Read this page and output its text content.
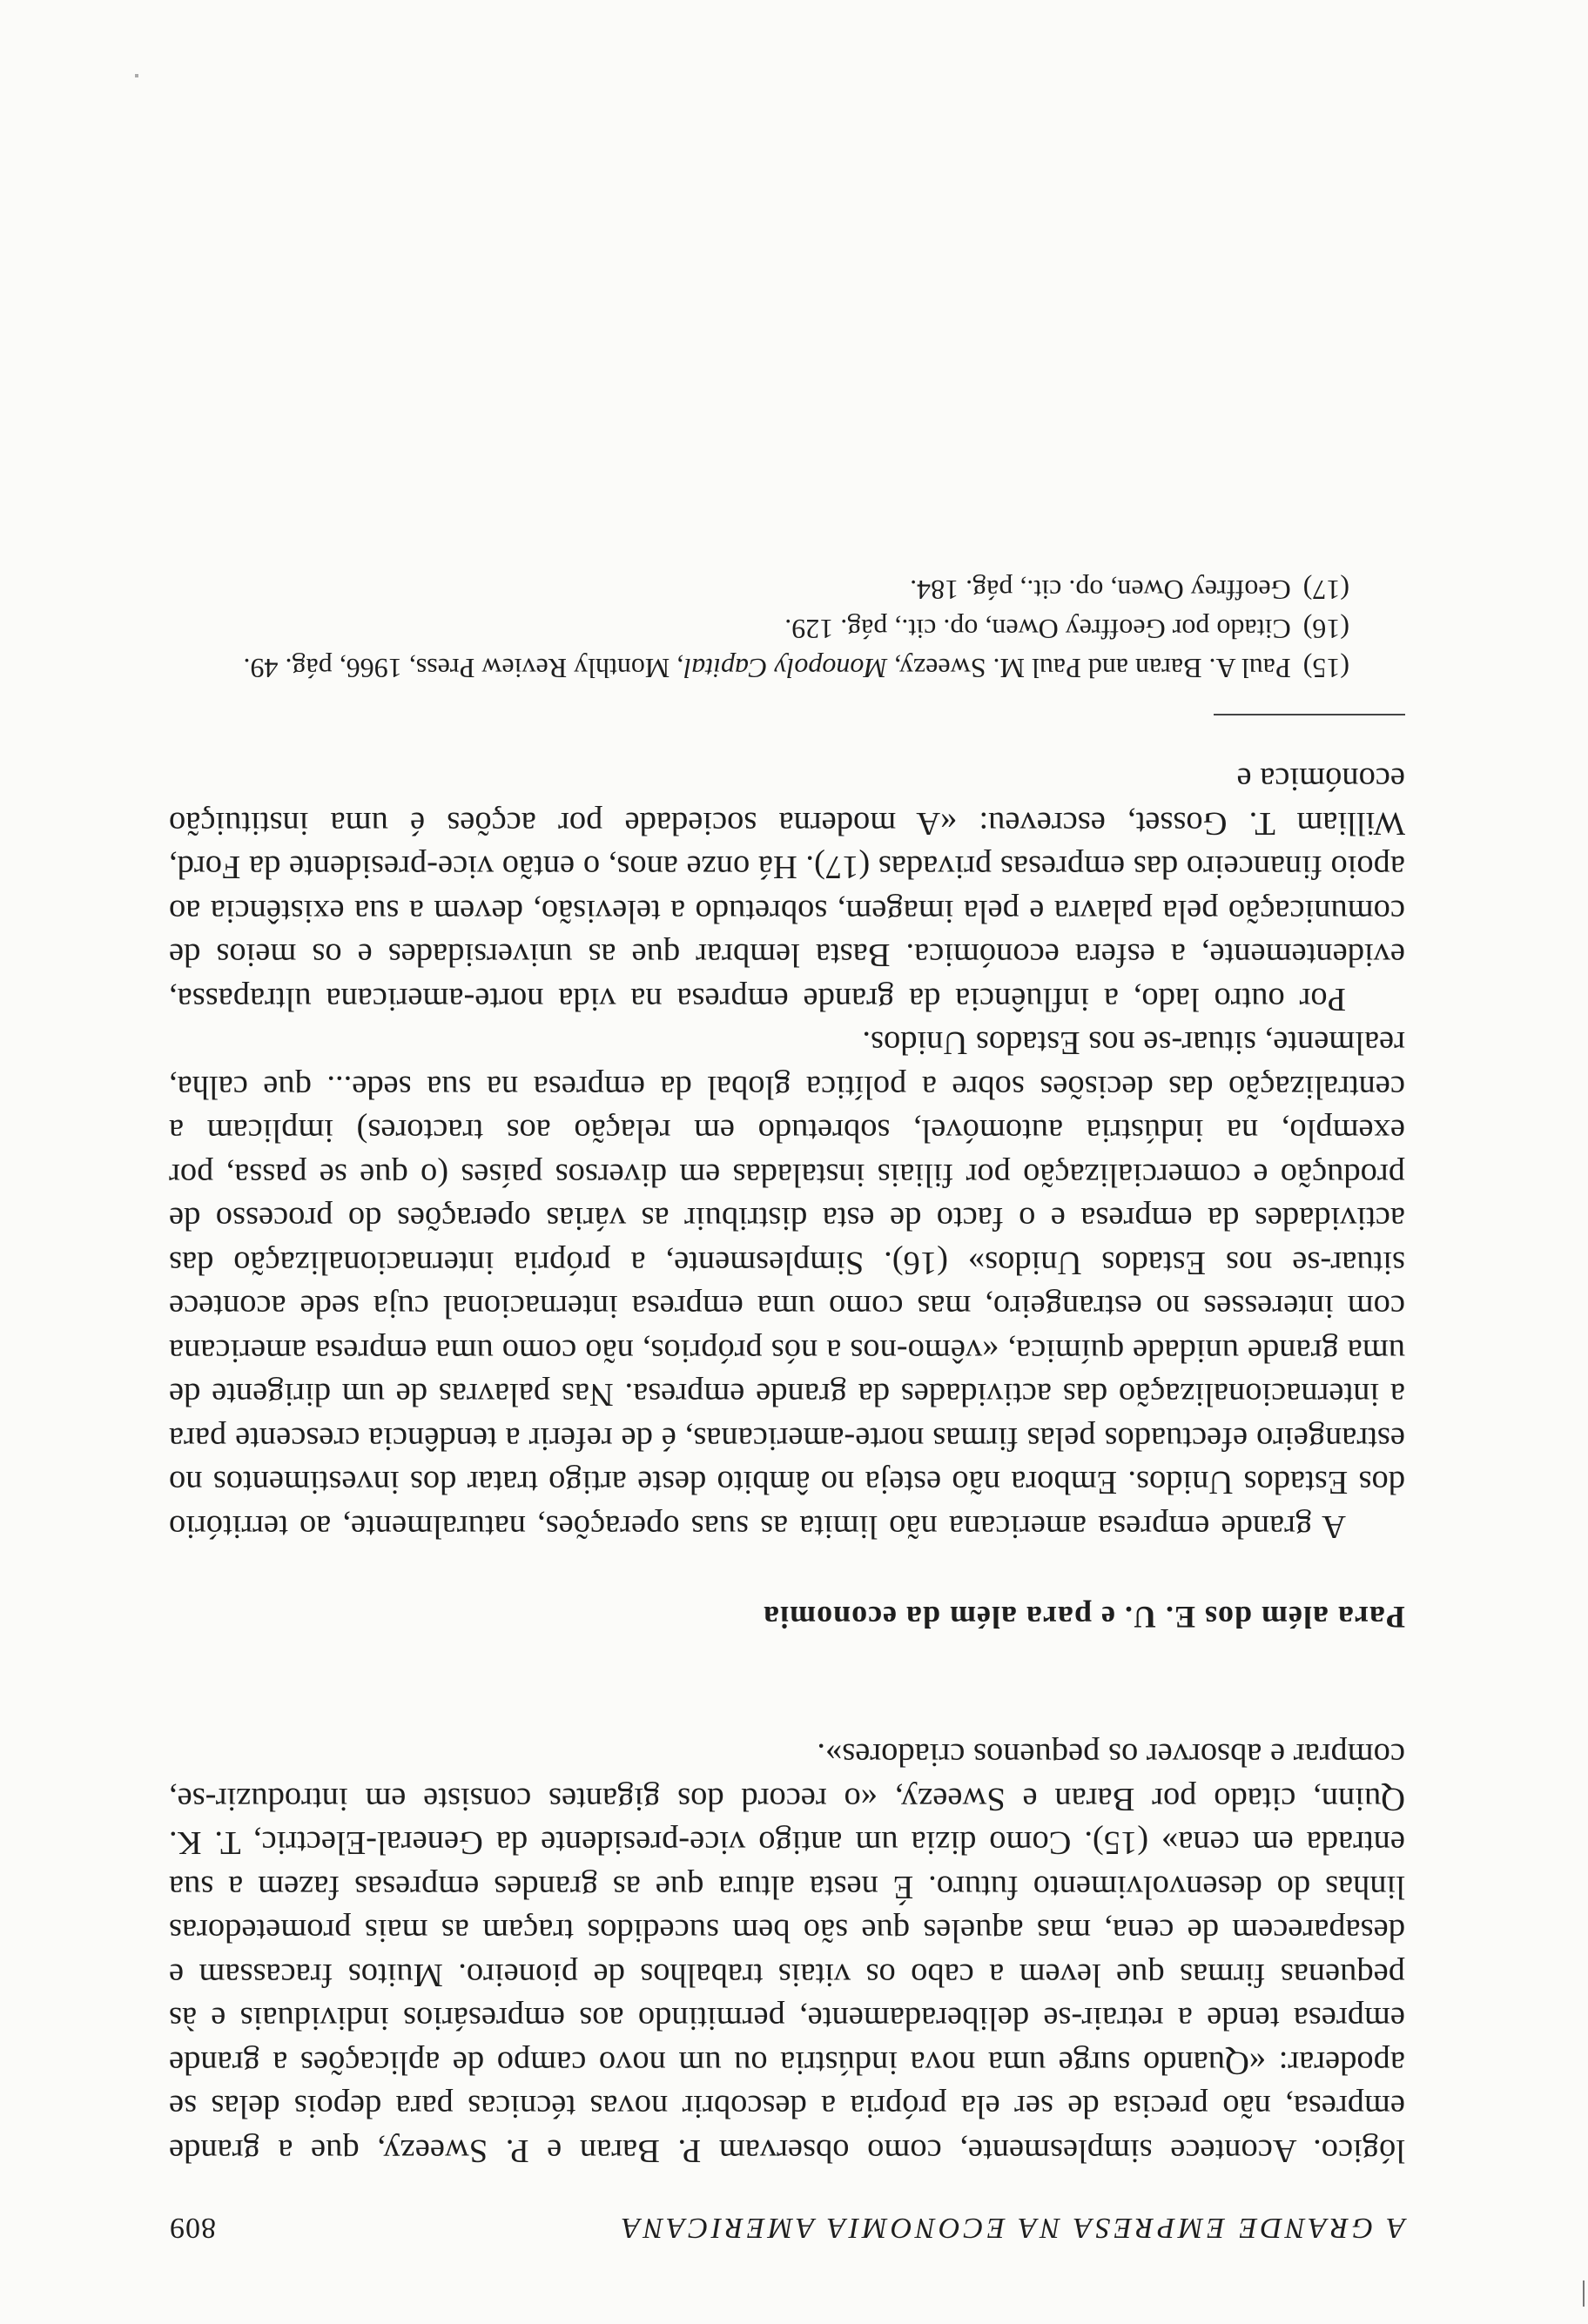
A GRANDE EMPRESA NA ECONOMIA AMERICANA
809

lógico. Acontece simplesmente, como observam P. Baran e P. Sweezy, que a grande empresa, não precisa de ser ela própria a descobrir novas técnicas para depois delas se apoderar: «Quando surge uma nova indústria ou um novo campo de aplicações a grande empresa tende a retrair-se deliberadamente, permitindo aos empresários individuais e às pequenas firmas que levem a cabo os vitais trabalhos de pioneiro. Muitos fracassam e desaparecem de cena, mas aqueles que são bem sucedidos traçam as mais prometedoras linhas do desenvolvimento futuro. É nesta altura que as grandes empresas fazem a sua entrada em cena» (15). Como dizia um antigo vice-presidente da General-Electric, T. K. Quinn, citado por Baran e Sweezy, «o record dos gigantes consiste em introduzir-se, comprar e absorver os pequenos criadores».

Para além dos E. U. e para além da economia

A grande empresa americana não limita as suas operações, naturalmente, ao território dos Estados Unidos. Embora não esteja no âmbito deste artigo tratar dos investimentos no estrangeiro efectuados pelas firmas norte-americanas, é de referir a tendência crescente para a internacionalização das actividades da grande empresa. Nas palavras de um dirigente de uma grande unidade química, «vêmo-nos a nós próprios, não como uma empresa americana com interesses no estrangeiro, mas como uma empresa internacional cuja sede acontece situar-se nos Estados Unidos» (16). Simplesmente, a própria internacionalização das actividades da empresa e o facto de esta distribuir as várias operações do processo de produção e comercialização por filiais instaladas em diversos países (o que se passa, por exemplo, na indústria automóvel, sobretudo em relação aos tractores) implicam a centralização das decisões sobre a política global da empresa na sua sede... que calha, realmente, situar-se nos Estados Unidos.

Por outro lado, a influência da grande empresa na vida norte-americana ultrapassa, evidentemente, a esfera económica. Basta lembrar que as universidades e os meios de comunicação pela palavra e pela imagem, sobretudo a televisão, devem a sua existência ao apoio financeiro das empresas privadas (17). Há onze anos, o então vice-presidente da Ford, William T. Gosset, escreveu: «A moderna sociedade por acções é uma instituição económica e

(15)Paul A. Baran and Paul M. Sweezy, Monopoly Capital, Monthly Review Press, 1966, pág. 49.

(16)Citado por Geoffrey Owen, op. cit., pág. 129.

(17)Geoffrey Owen, op. cit., pág. 184.
